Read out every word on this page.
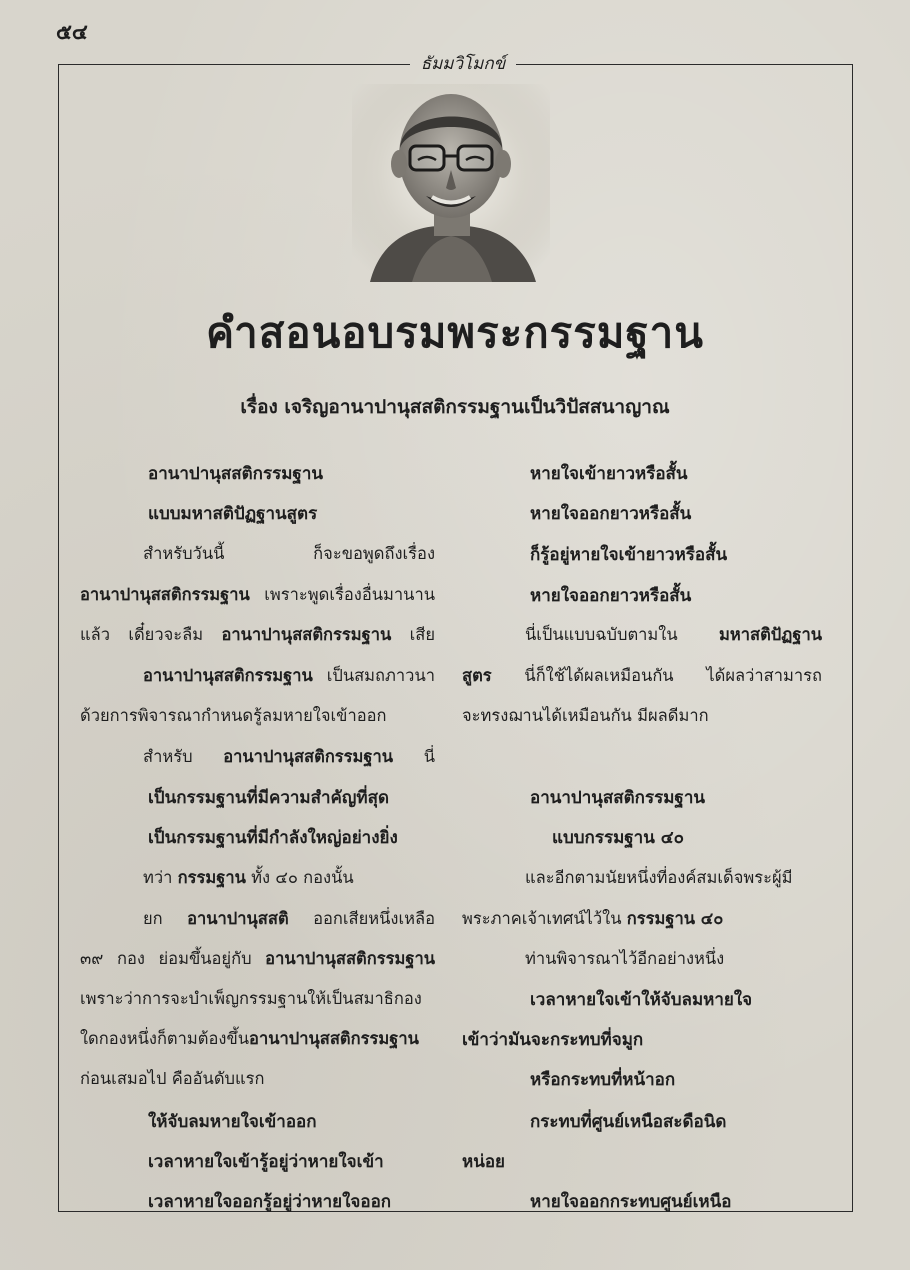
๕๔
ธัมมวิโมกข์
คำสอนอบรมพระกรรมฐาน
เรื่อง เจริญอานาปานุสสติกรรมฐานเป็นวิปัสสนาญาณ
อานาปานุสสติกรรมฐาน
แบบมหาสติปัฏฐานสูตร
สำหรับวันนี้ ก็จะขอพูดถึงเรื่อง
อานาปานุสสติกรรมฐาน เพราะพูดเรื่องอื่นมานาน
แล้ว เดี๋ยวจะลืม อานาปานุสสติกรรมฐาน เสีย
อานาปานุสสติกรรมฐาน เป็นสมถภาวนา
ด้วยการพิจารณากำหนดรู้ลมหายใจเข้าออก
สำหรับ อานาปานุสสติกรรมฐาน นี่
เป็นกรรมฐานที่มีความสำคัญที่สุด
เป็นกรรมฐานที่มีกำลังใหญ่อย่างยิ่ง
ทว่า กรรมฐาน ทั้ง ๔๐ กองนั้น
ยก อานาปานุสสติ ออกเสียหนึ่งเหลือ
๓๙ กอง ย่อมขึ้นอยู่กับ อานาปานุสสติกรรมฐาน
เพราะว่าการจะบำเพ็ญกรรมฐานให้เป็นสมาธิกอง
ใดกองหนึ่งก็ตามต้องขึ้นอานาปานุสสติกรรมฐาน
ก่อนเสมอไป คืออันดับแรก
ให้จับลมหายใจเข้าออก
เวลาหายใจเข้ารู้อยู่ว่าหายใจเข้า
เวลาหายใจออกรู้อยู่ว่าหายใจออก
หายใจเข้ายาวหรือสั้น
หายใจออกยาวหรือสั้น
ก็รู้อยู่หายใจเข้ายาวหรือสั้น
หายใจออกยาวหรือสั้น
นี่เป็นแบบฉบับตามใน มหาสติปัฏฐาน
สูตร นี่ก็ใช้ได้ผลเหมือนกัน ได้ผลว่าสามารถ
จะทรงฌานได้เหมือนกัน มีผลดีมาก
อานาปานุสสติกรรมฐาน
แบบกรรมฐาน ๔๐
และอีกตามนัยหนึ่งที่องค์สมเด็จพระผู้มี
พระภาคเจ้าเทศน์ไว้ใน กรรมฐาน ๔๐
ท่านพิจารณาไว้อีกอย่างหนึ่ง
เวลาหายใจเข้าให้จับลมหายใจ
เข้าว่ามันจะกระทบที่จมูก
หรือกระทบที่หน้าอก
กระทบที่ศูนย์เหนือสะดือนิด
หน่อย
หายใจออกกระทบศูนย์เหนือ
